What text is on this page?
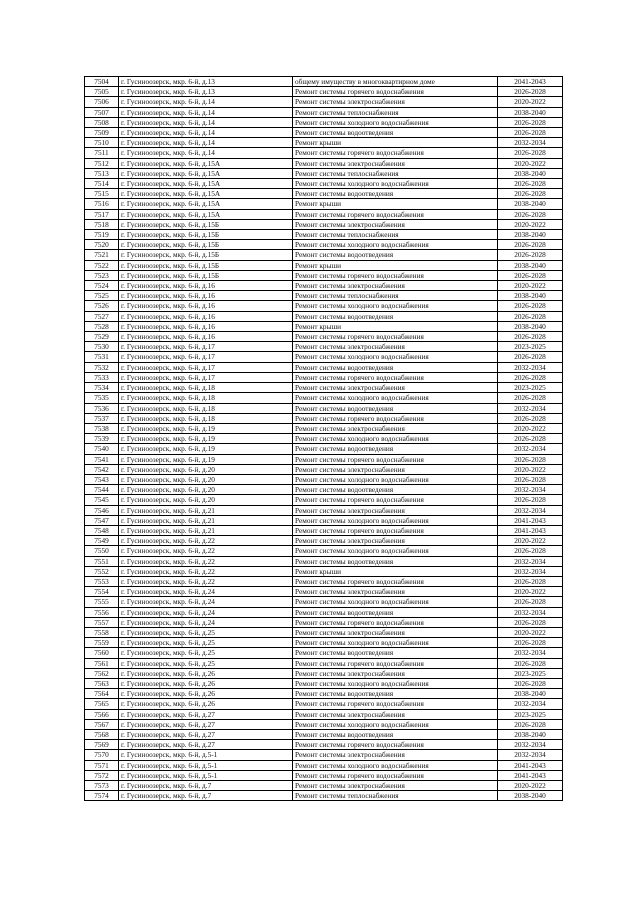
7504	г. Гусиноозерск, мкр. 6-й, д.13	общему имуществу в многоквартирном доме	2041-2043
7505	г. Гусиноозерск, мкр. 6-й, д.13	Ремонт системы горячего водоснабжения	2026-2028
7506	г. Гусиноозерск, мкр. 6-й, д.14	Ремонт системы электроснабжения	2020-2022
7507	г. Гусиноозерск, мкр. 6-й, д.14	Ремонт системы теплоснабжения	2038-2040
7508	г. Гусиноозерск, мкр. 6-й, д.14	Ремонт системы холодного водоснабжения	2026-2028
7509	г. Гусиноозерск, мкр. 6-й, д.14	Ремонт системы водоотведения	2026-2028
7510	г. Гусиноозерск, мкр. 6-й, д.14	Ремонт крыши	2032-2034
7511	г. Гусиноозерск, мкр. 6-й, д.14	Ремонт системы горячего водоснабжения	2026-2028
7512	г. Гусиноозерск, мкр. 6-й, д.15А	Ремонт системы электроснабжения	2020-2022
7513	г. Гусиноозерск, мкр. 6-й, д.15А	Ремонт системы теплоснабжения	2038-2040
7514	г. Гусиноозерск, мкр. 6-й, д.15А	Ремонт системы холодного водоснабжения	2026-2028
7515	г. Гусиноозерск, мкр. 6-й, д.15А	Ремонт системы водоотведения	2026-2028
7516	г. Гусиноозерск, мкр. 6-й, д.15А	Ремонт крыши	2038-2040
7517	г. Гусиноозерск, мкр. 6-й, д.15А	Ремонт системы горячего водоснабжения	2026-2028
7518	г. Гусиноозерск, мкр. 6-й, д.15Б	Ремонт системы электроснабжения	2020-2022
7519	г. Гусиноозерск, мкр. 6-й, д.15Б	Ремонт системы теплоснабжения	2038-2040
7520	г. Гусиноозерск, мкр. 6-й, д.15Б	Ремонт системы холодного водоснабжения	2026-2028
7521	г. Гусиноозерск, мкр. 6-й, д.15Б	Ремонт системы водоотведения	2026-2028
7522	г. Гусиноозерск, мкр. 6-й, д.15Б	Ремонт крыши	2038-2040
7523	г. Гусиноозерск, мкр. 6-й, д.15Б	Ремонт системы горячего водоснабжения	2026-2028
7524	г. Гусиноозерск, мкр. 6-й, д.16	Ремонт системы электроснабжения	2020-2022
7525	г. Гусиноозерск, мкр. 6-й, д.16	Ремонт системы теплоснабжения	2038-2040
7526	г. Гусиноозерск, мкр. 6-й, д.16	Ремонт системы холодного водоснабжения	2026-2028
7527	г. Гусиноозерск, мкр. 6-й, д.16	Ремонт системы водоотведения	2026-2028
7528	г. Гусиноозерск, мкр. 6-й, д.16	Ремонт крыши	2038-2040
7529	г. Гусиноозерск, мкр. 6-й, д.16	Ремонт системы горячего водоснабжения	2026-2028
7530	г. Гусиноозерск, мкр. 6-й, д.17	Ремонт системы электроснабжения	2023-2025
7531	г. Гусиноозерск, мкр. 6-й, д.17	Ремонт системы холодного водоснабжения	2026-2028
7532	г. Гусиноозерск, мкр. 6-й, д.17	Ремонт системы водоотведения	2032-2034
7533	г. Гусиноозерск, мкр. 6-й, д.17	Ремонт системы горячего водоснабжения	2026-2028
7534	г. Гусиноозерск, мкр. 6-й, д.18	Ремонт системы электроснабжения	2023-2025
7535	г. Гусиноозерск, мкр. 6-й, д.18	Ремонт системы холодного водоснабжения	2026-2028
7536	г. Гусиноозерск, мкр. 6-й, д.18	Ремонт системы водоотведения	2032-2034
7537	г. Гусиноозерск, мкр. 6-й, д.18	Ремонт системы горячего водоснабжения	2026-2028
7538	г. Гусиноозерск, мкр. 6-й, д.19	Ремонт системы электроснабжения	2020-2022
7539	г. Гусиноозерск, мкр. 6-й, д.19	Ремонт системы холодного водоснабжения	2026-2028
7540	г. Гусиноозерск, мкр. 6-й, д.19	Ремонт системы водоотведения	2032-2034
7541	г. Гусиноозерск, мкр. 6-й, д.19	Ремонт системы горячего водоснабжения	2026-2028
7542	г. Гусиноозерск, мкр. 6-й, д.20	Ремонт системы электроснабжения	2020-2022
7543	г. Гусиноозерск, мкр. 6-й, д.20	Ремонт системы холодного водоснабжения	2026-2028
7544	г. Гусиноозерск, мкр. 6-й, д.20	Ремонт системы водоотведения	2032-2034
7545	г. Гусиноозерск, мкр. 6-й, д.20	Ремонт системы горячего водоснабжения	2026-2028
7546	г. Гусиноозерск, мкр. 6-й, д.21	Ремонт системы электроснабжения	2032-2034
7547	г. Гусиноозерск, мкр. 6-й, д.21	Ремонт системы холодного водоснабжения	2041-2043
7548	г. Гусиноозерск, мкр. 6-й, д.21	Ремонт системы горячего водоснабжения	2041-2043
7549	г. Гусиноозерск, мкр. 6-й, д.22	Ремонт системы электроснабжения	2020-2022
7550	г. Гусиноозерск, мкр. 6-й, д.22	Ремонт системы холодного водоснабжения	2026-2028
7551	г. Гусиноозерск, мкр. 6-й, д.22	Ремонт системы водоотведения	2032-2034
7552	г. Гусиноозерск, мкр. 6-й, д.22	Ремонт крыши	2032-2034
7553	г. Гусиноозерск, мкр. 6-й, д.22	Ремонт системы горячего водоснабжения	2026-2028
7554	г. Гусиноозерск, мкр. 6-й, д.24	Ремонт системы электроснабжения	2020-2022
7555	г. Гусиноозерск, мкр. 6-й, д.24	Ремонт системы холодного водоснабжения	2026-2028
7556	г. Гусиноозерск, мкр. 6-й, д.24	Ремонт системы водоотведения	2032-2034
7557	г. Гусиноозерск, мкр. 6-й, д.24	Ремонт системы горячего водоснабжения	2026-2028
7558	г. Гусиноозерск, мкр. 6-й, д.25	Ремонт системы электроснабжения	2020-2022
7559	г. Гусиноозерск, мкр. 6-й, д.25	Ремонт системы холодного водоснабжения	2026-2028
7560	г. Гусиноозерск, мкр. 6-й, д.25	Ремонт системы водоотведения	2032-2034
7561	г. Гусиноозерск, мкр. 6-й, д.25	Ремонт системы горячего водоснабжения	2026-2028
7562	г. Гусиноозерск, мкр. 6-й, д.26	Ремонт системы электроснабжения	2023-2025
7563	г. Гусиноозерск, мкр. 6-й, д.26	Ремонт системы холодного водоснабжения	2026-2028
7564	г. Гусиноозерск, мкр. 6-й, д.26	Ремонт системы водоотведения	2038-2040
7565	г. Гусиноозерск, мкр. 6-й, д.26	Ремонт системы горячего водоснабжения	2032-2034
7566	г. Гусиноозерск, мкр. 6-й, д.27	Ремонт системы электроснабжения	2023-2025
7567	г. Гусиноозерск, мкр. 6-й, д.27	Ремонт системы холодного водоснабжения	2026-2028
7568	г. Гусиноозерск, мкр. 6-й, д.27	Ремонт системы водоотведения	2038-2040
7569	г. Гусиноозерск, мкр. 6-й, д.27	Ремонт системы горячего водоснабжения	2032-2034
7570	г. Гусиноозерск, мкр. 6-й, д.5-1	Ремонт системы электроснабжения	2032-2034
7571	г. Гусиноозерск, мкр. 6-й, д.5-1	Ремонт системы холодного водоснабжения	2041-2043
7572	г. Гусиноозерск, мкр. 6-й, д.5-1	Ремонт системы горячего водоснабжения	2041-2043
7573	г. Гусиноозерск, мкр. 6-й, д.7	Ремонт системы электроснабжения	2020-2022
7574	г. Гусиноозерск, мкр. 6-й, д.7	Ремонт системы теплоснабжения	2038-2040
